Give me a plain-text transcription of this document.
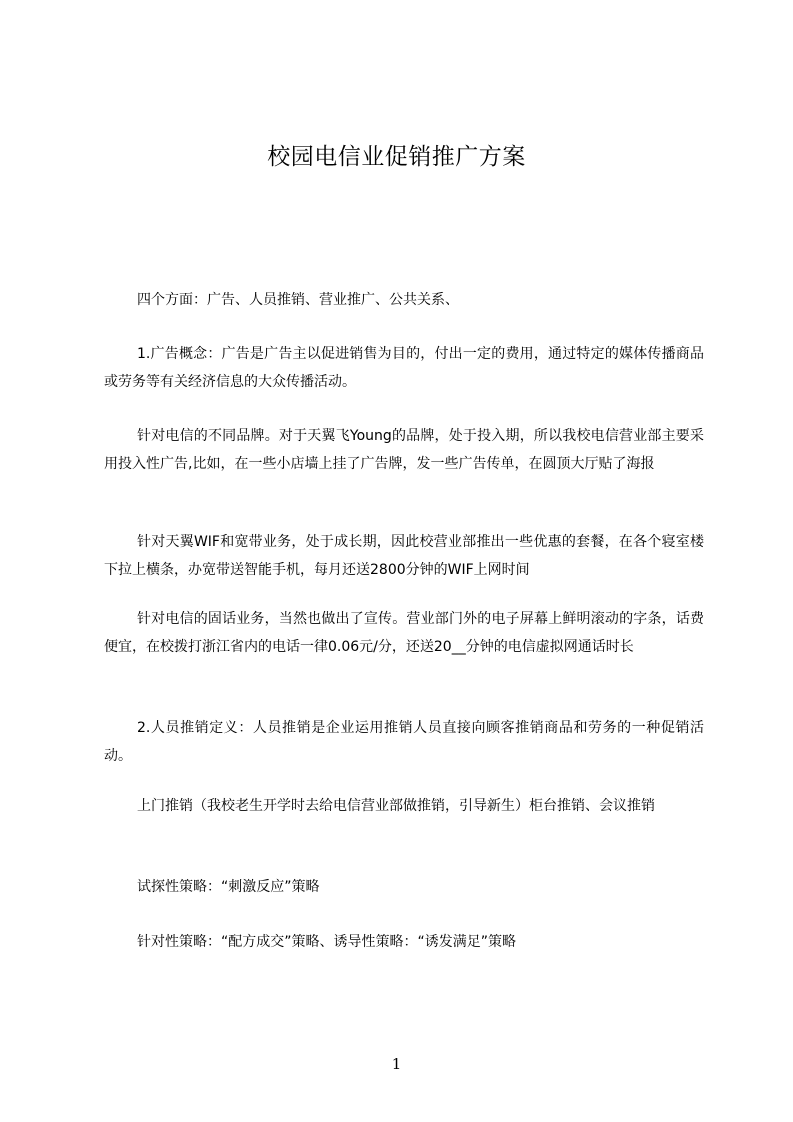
校园电信业促销推广方案

四个方面：广告、人员推销、营业推广、公共关系、

1.广告概念：广告是广告主以促进销售为目的，付出一定的费用，通过特定的媒体传播商品或劳务等有关经济信息的大众传播活动。

针对电信的不同品牌。对于天翼飞Young的品牌，处于投入期，所以我校电信营业部主要采用投入性广告,比如，在一些小店墙上挂了广告牌，发一些广告传单，在圆顶大厅贴了海报

针对天翼WIF和宽带业务，处于成长期，因此校营业部推出一些优惠的套餐，在各个寝室楼下拉上横条，办宽带送智能手机，每月还送2800分钟的WIF上网时间

针对电信的固话业务，当然也做出了宣传。营业部门外的电子屏幕上鲜明滚动的字条，话费便宜，在校拨打浙江省内的电话一律0.06元/分，还送20__分钟的电信虚拟网通话时长

2.人员推销定义：人员推销是企业运用推销人员直接向顾客推销商品和劳务的一种促销活动。

上门推销（我校老生开学时去给电信营业部做推销，引导新生）柜台推销、会议推销

试探性策略：“刺激反应”策略

针对性策略：“配方成交”策略、诱导性策略：“诱发满足”策略

1
